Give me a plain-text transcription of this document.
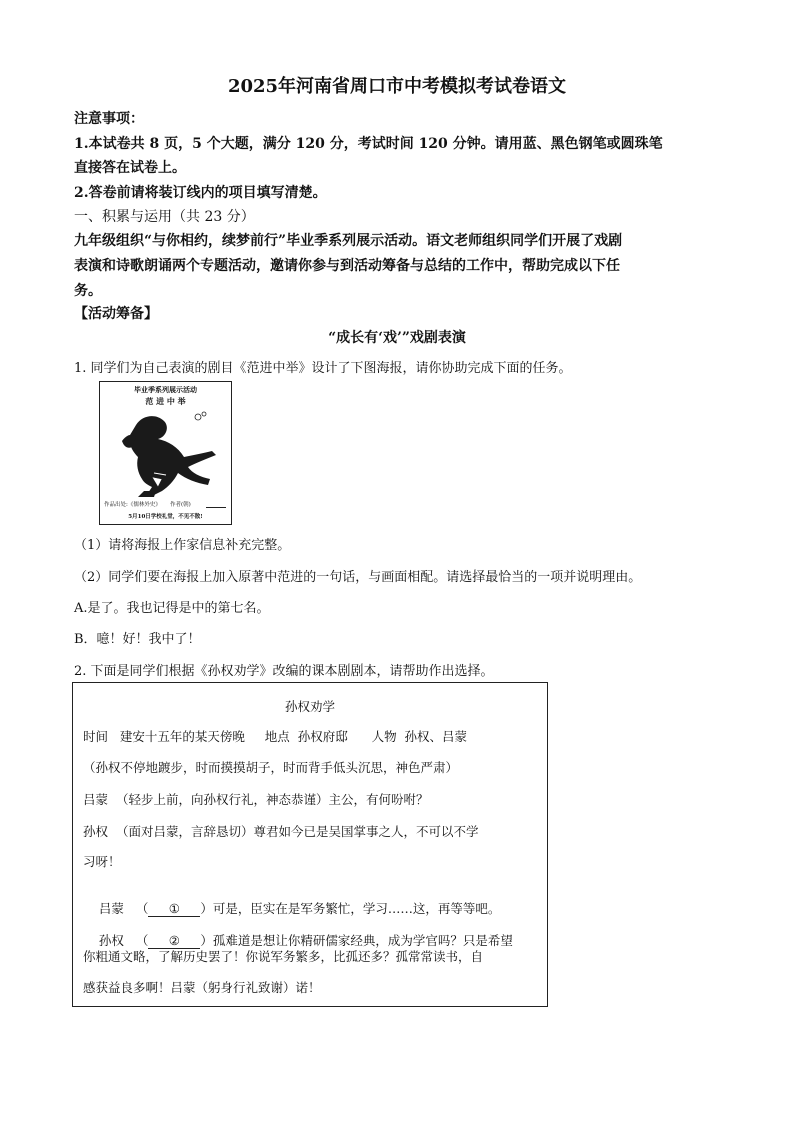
2025年河南省周口市中考模拟考试卷语文
注意事项：
1.本试卷共 8 页，5 个大题，满分 120 分，考试时间 120 分钟。请用蓝、黑色钢笔或圆珠笔
直接答在试卷上。
2.答卷前请将装订线内的项目填写清楚。
一、积累与运用（共 23 分）
九年级组织“与你相约，续梦前行”毕业季系列展示活动。语文老师组织同学们开展了戏剧
表演和诗歌朗诵两个专题活动，邀请你参与到活动筹备与总结的工作中，帮助完成以下任
务。
【活动筹备】
“成长有‘戏’”戏剧表演
1. 同学们为自己表演的剧目《范进中举》设计了下图海报，请你协助完成下面的任务。
毕业季系列展示活动
范 进 中 举
作品出处:《儒林外史》 作者(朝)
5月10日学校礼堂，不见不散!
（1）请将海报上作家信息补充完整。
（2）同学们要在海报上加入原著中范进的一句话，与画面相配。请选择最恰当的一项并说明理由。
A.是了。我也记得是中的第七名。
B．噫！好！我中了！
2. 下面是同学们根据《孙权劝学》改编的课本剧剧本，请帮助作出选择。
孙权劝学
时间   建安十五年的某天傍晚     地点  孙权府邸      人物  孙权、吕蒙
（孙权不停地踱步，时而摸摸胡子，时而背手低头沉思，神色严肃）
吕蒙  （轻步上前，向孙权行礼，神态恭谨）主公，有何吩咐？
孙权  （面对吕蒙，言辞恳切）尊君如今已是吴国掌事之人，不可以不学
习呀！

吕蒙   （ ① ）可是，臣实在是军务繁忙，学习……这，再等等吧。

孙权   （ ② ）孤难道是想让你精研儒家经典，成为学官吗？只是希望

你粗通文略，了解历史罢了！你说军务繁多，比孤还多？孤常常读书，自
感获益良多啊！吕蒙（躬身行礼致谢）诺！
